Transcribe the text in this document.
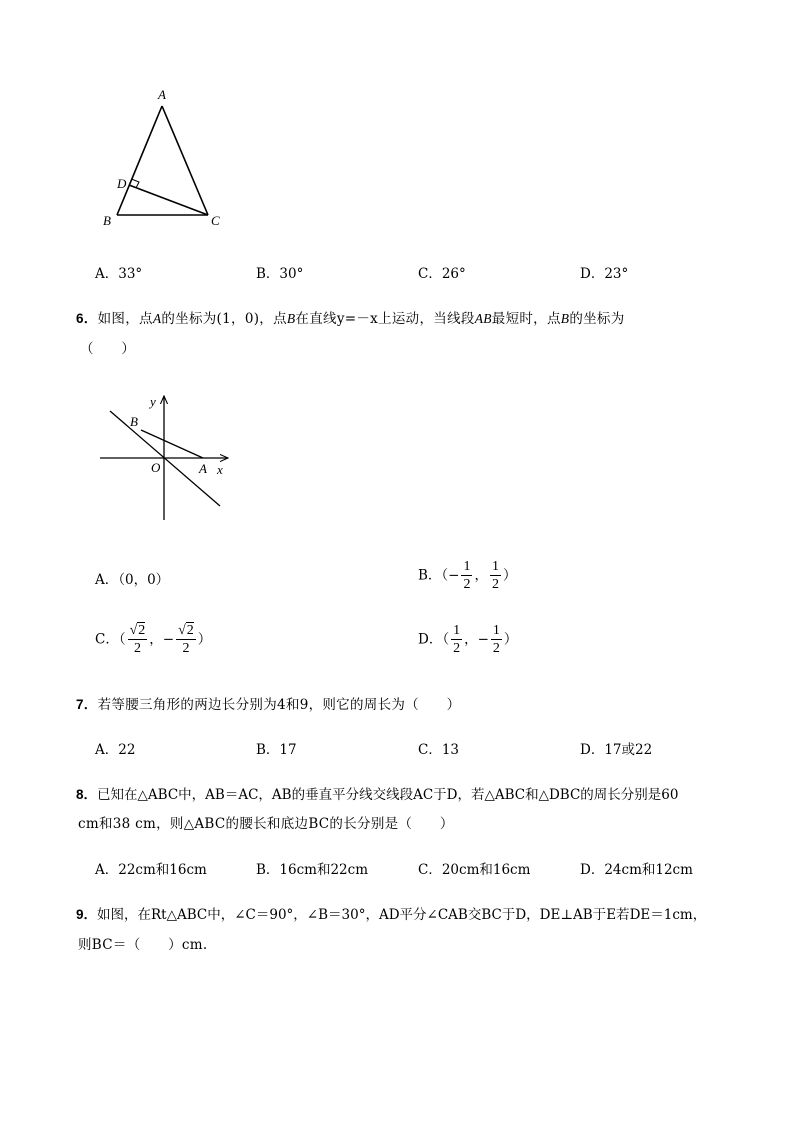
A
D
B	C
A．33°	B．30°	C．26°	D．23°
6．如图，点A的坐标为(1，0)，点B在直线y=－x上运动，当线段AB最短时，点B的坐标为
（　　）
y
x
B
O	A
A．（0，0）	B．（− $\frac{1}{2}$ ， $\frac{1}{2}$ ）
C．（ $\frac{√2}{2}$ ，− $\frac{√2}{2}$ ）	D．（ $\frac{1}{2}$ ，− $\frac{1}{2}$ ）
7．若等腰三角形的两边长分别为4和9，则它的周长为（　　）
A．22	B．17	C．13	D．17或22
8．已知在△ABC中，AB＝AC，AB的垂直平分线交线段AC于D，若△ABC和△DBC的周长分别是60
cm和38 cm，则△ABC的腰长和底边BC的长分别是（　　）
A．22cm和16cm	B．16cm和22cm	C．20cm和16cm	D．24cm和12cm
9．如图，在Rt△ABC中，∠C＝90°，∠B＝30°，AD平分∠CAB交BC于D，DE⊥AB于E若DE＝1cm，
则BC＝（　　）cm.
